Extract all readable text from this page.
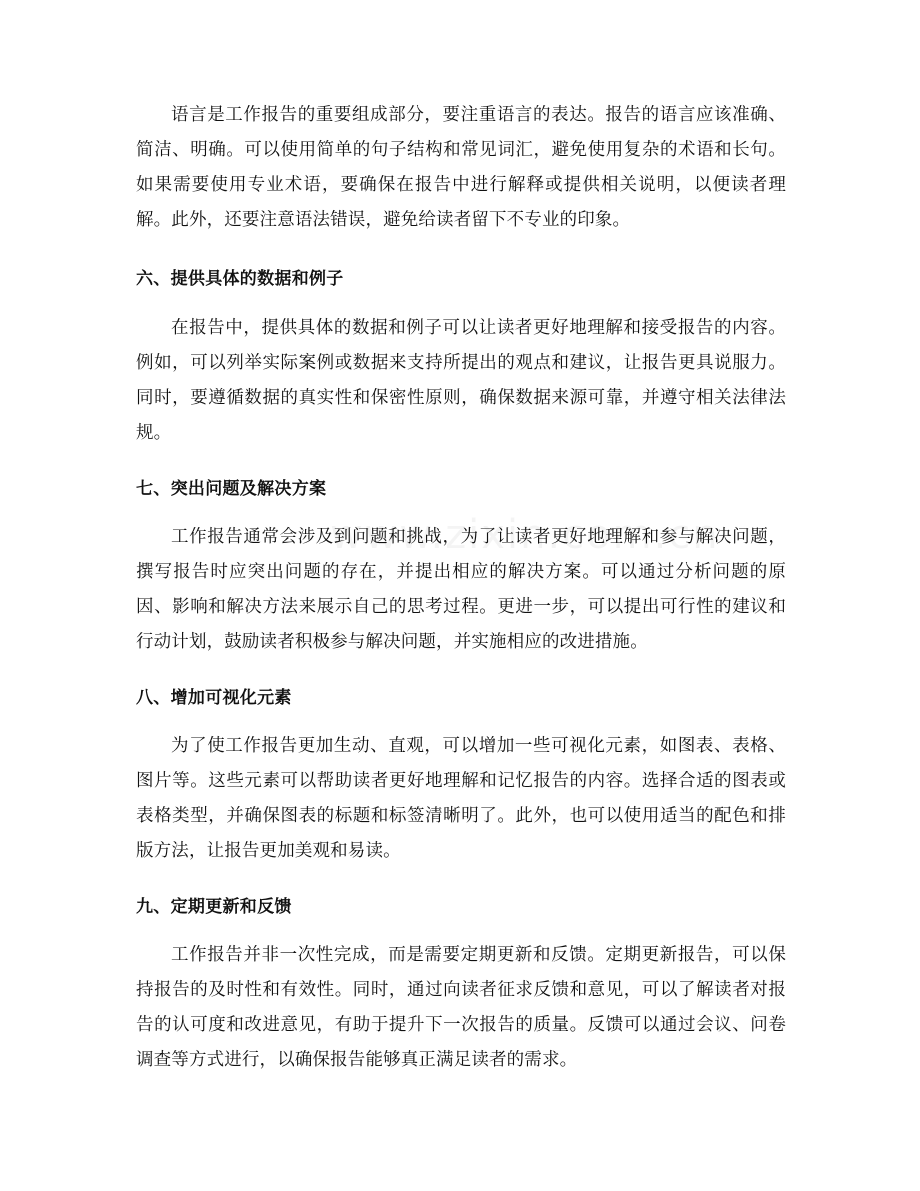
语言是工作报告的重要组成部分，要注重语言的表达。报告的语言应该准确、简洁、明确。可以使用简单的句子结构和常见词汇，避免使用复杂的术语和长句。如果需要使用专业术语，要确保在报告中进行解释或提供相关说明，以便读者理解。此外，还要注意语法错误，避免给读者留下不专业的印象。

六、提供具体的数据和例子

在报告中，提供具体的数据和例子可以让读者更好地理解和接受报告的内容。例如，可以列举实际案例或数据来支持所提出的观点和建议，让报告更具说服力。同时，要遵循数据的真实性和保密性原则，确保数据来源可靠，并遵守相关法律法规。

七、突出问题及解决方案

工作报告通常会涉及到问题和挑战，为了让读者更好地理解和参与解决问题，撰写报告时应突出问题的存在，并提出相应的解决方案。可以通过分析问题的原因、影响和解决方法来展示自己的思考过程。更进一步，可以提出可行性的建议和行动计划，鼓励读者积极参与解决问题，并实施相应的改进措施。

八、增加可视化元素

为了使工作报告更加生动、直观，可以增加一些可视化元素，如图表、表格、图片等。这些元素可以帮助读者更好地理解和记忆报告的内容。选择合适的图表或表格类型，并确保图表的标题和标签清晰明了。此外，也可以使用适当的配色和排版方法，让报告更加美观和易读。

九、定期更新和反馈

工作报告并非一次性完成，而是需要定期更新和反馈。定期更新报告，可以保持报告的及时性和有效性。同时，通过向读者征求反馈和意见，可以了解读者对报告的认可度和改进意见，有助于提升下一次报告的质量。反馈可以通过会议、问卷调查等方式进行，以确保报告能够真正满足读者的需求。
